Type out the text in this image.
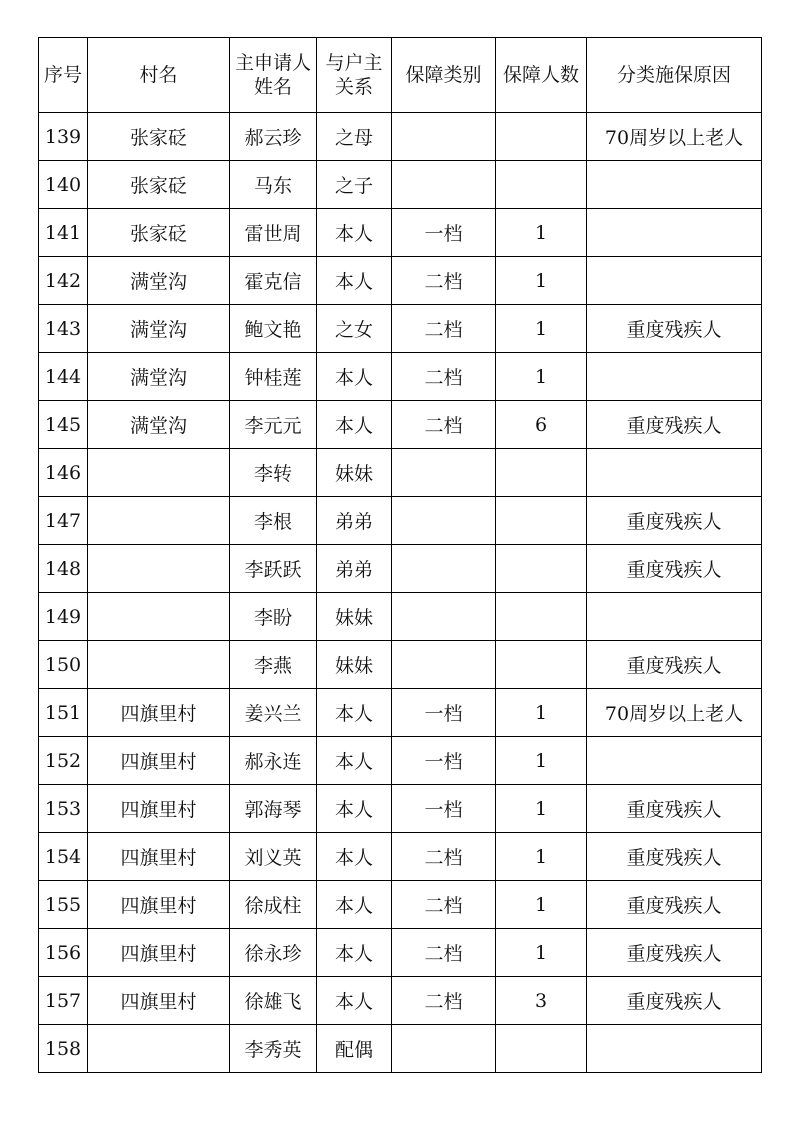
序号	村名	主申请人姓名	与户主关系	保障类别	保障人数	分类施保原因
139	张家砭	郝云珍	之母			70周岁以上老人
140	张家砭	马东	之子			
141	张家砭	雷世周	本人	一档	1	
142	满堂沟	霍克信	本人	二档	1	
143	满堂沟	鲍文艳	之女	二档	1	重度残疾人
144	满堂沟	钟桂莲	本人	二档	1	
145	满堂沟	李元元	本人	二档	6	重度残疾人
146		李转	妹妹			
147		李根	弟弟			重度残疾人
148		李跃跃	弟弟			重度残疾人
149		李盼	妹妹			
150		李燕	妹妹			重度残疾人
151	四旗里村	姜兴兰	本人	一档	1	70周岁以上老人
152	四旗里村	郝永连	本人	一档	1	
153	四旗里村	郭海琴	本人	一档	1	重度残疾人
154	四旗里村	刘义英	本人	二档	1	重度残疾人
155	四旗里村	徐成柱	本人	二档	1	重度残疾人
156	四旗里村	徐永珍	本人	二档	1	重度残疾人
157	四旗里村	徐雄飞	本人	二档	3	重度残疾人
158		李秀英	配偶			
